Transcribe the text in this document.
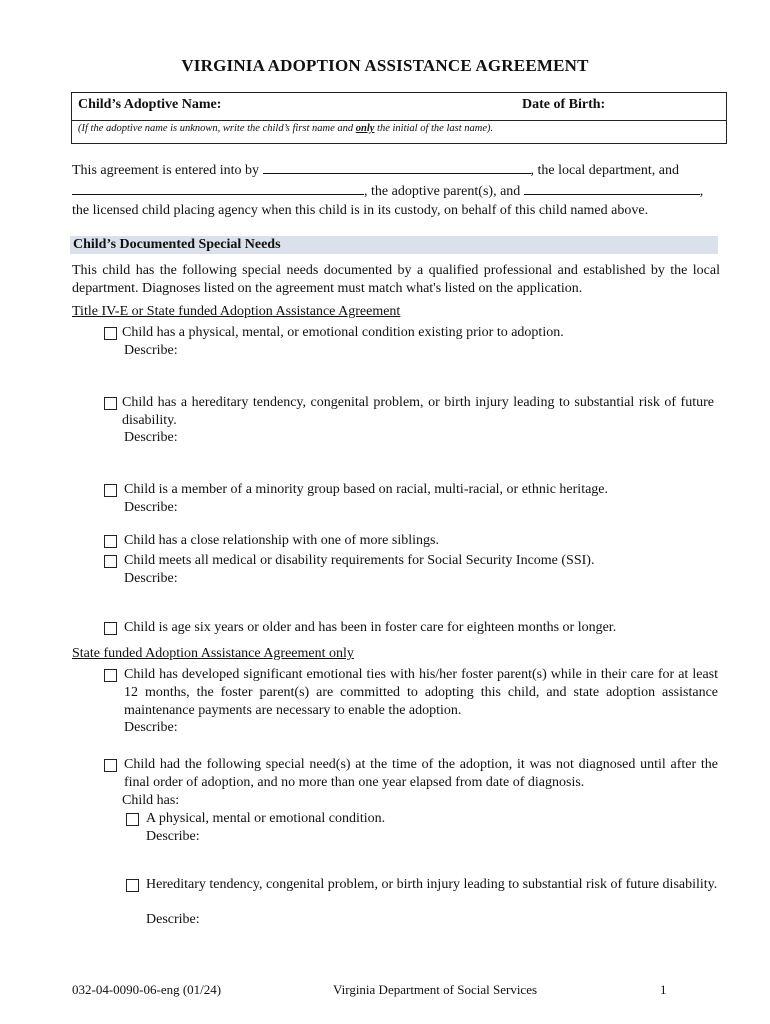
VIRGINIA ADOPTION ASSISTANCE AGREEMENT
Child’s Adoptive Name:	Date of Birth:
(If the adoptive name is unknown, write the child’s first name and only the initial of the last name).
This agreement is entered into by	, the local department, and
, the adoptive parent(s), and	,
the licensed child placing agency when this child is in its custody, on behalf of this child named above.
Child’s Documented Special Needs
This child has the following special needs documented by a qualified professional and established by the local department. Diagnoses listed on the agreement must match what's listed on the application.
Title IV-E or State funded Adoption Assistance Agreement
Child has a physical, mental, or emotional condition existing prior to adoption.
Describe:
Child has a hereditary tendency, congenital problem, or birth injury leading to substantial risk of future disability.
Describe:
Child is a member of a minority group based on racial, multi-racial, or ethnic heritage.
Describe:
Child has a close relationship with one of more siblings.
Child meets all medical or disability requirements for Social Security Income (SSI).
Describe:
Child is age six years or older and has been in foster care for eighteen months or longer.
State funded Adoption Assistance Agreement only
Child has developed significant emotional ties with his/her foster parent(s) while in their care for at least 12 months, the foster parent(s) are committed to adopting this child, and state adoption assistance maintenance payments are necessary to enable the adoption.
Describe:
Child had the following special need(s) at the time of the adoption, it was not diagnosed until after the final order of adoption, and no more than one year elapsed from date of diagnosis.
Child has:
A physical, mental or emotional condition.
Describe:
Hereditary tendency, congenital problem, or birth injury leading to substantial risk of future disability.
Describe:
032-04-0090-06-eng (01/24)	Virginia Department of Social Services	1
